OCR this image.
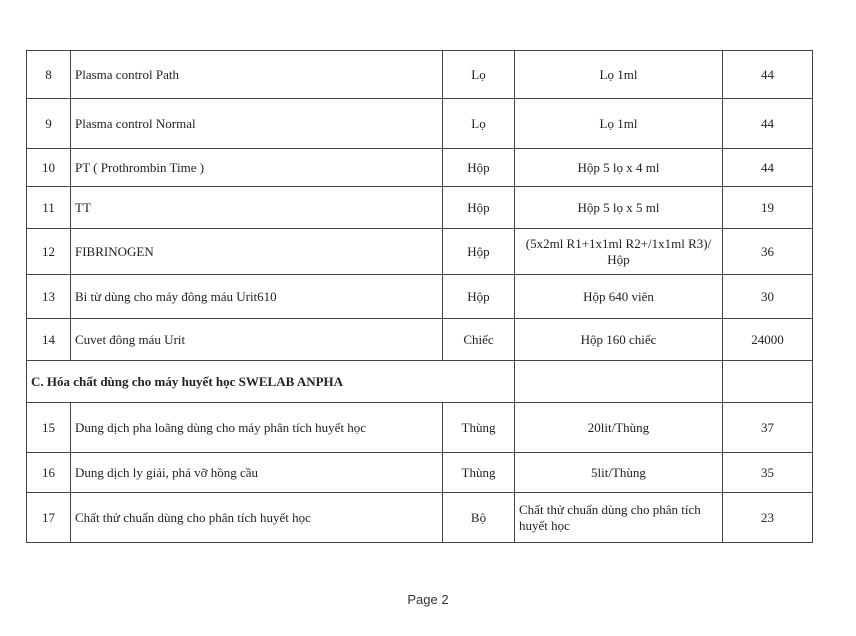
8	Plasma control Path	Lọ	Lọ 1ml	44
9	Plasma control Normal	Lọ	Lọ 1ml	44
10	PT ( Prothrombin Time )	Hộp	Hộp 5 lọ x 4 ml	44
11	TT	Hộp	Hộp 5 lọ x 5 ml	19
12	FIBRINOGEN	Hộp	(5x2ml R1+1x1ml R2+/1x1ml R3)/ Hộp	36
13	Bi từ dùng cho máy đông máu Urit610	Hộp	Hộp 640 viên	30
14	Cuvet đông máu Urit	Chiếc	Hộp 160 chiếc	24000
C. Hóa chất dùng cho máy huyết học SWELAB ANPHA				
15	Dung dịch pha loãng dùng cho máy phân tích huyết học	Thùng	20lit/Thùng	37
16	Dung dịch ly giải, phá vỡ hồng cầu	Thùng	5lit/Thùng	35
17	Chất thử chuẩn dùng cho phân tích huyết học	Bộ	Chất thử chuẩn dùng cho phân tích huyết học	23
Page 2
